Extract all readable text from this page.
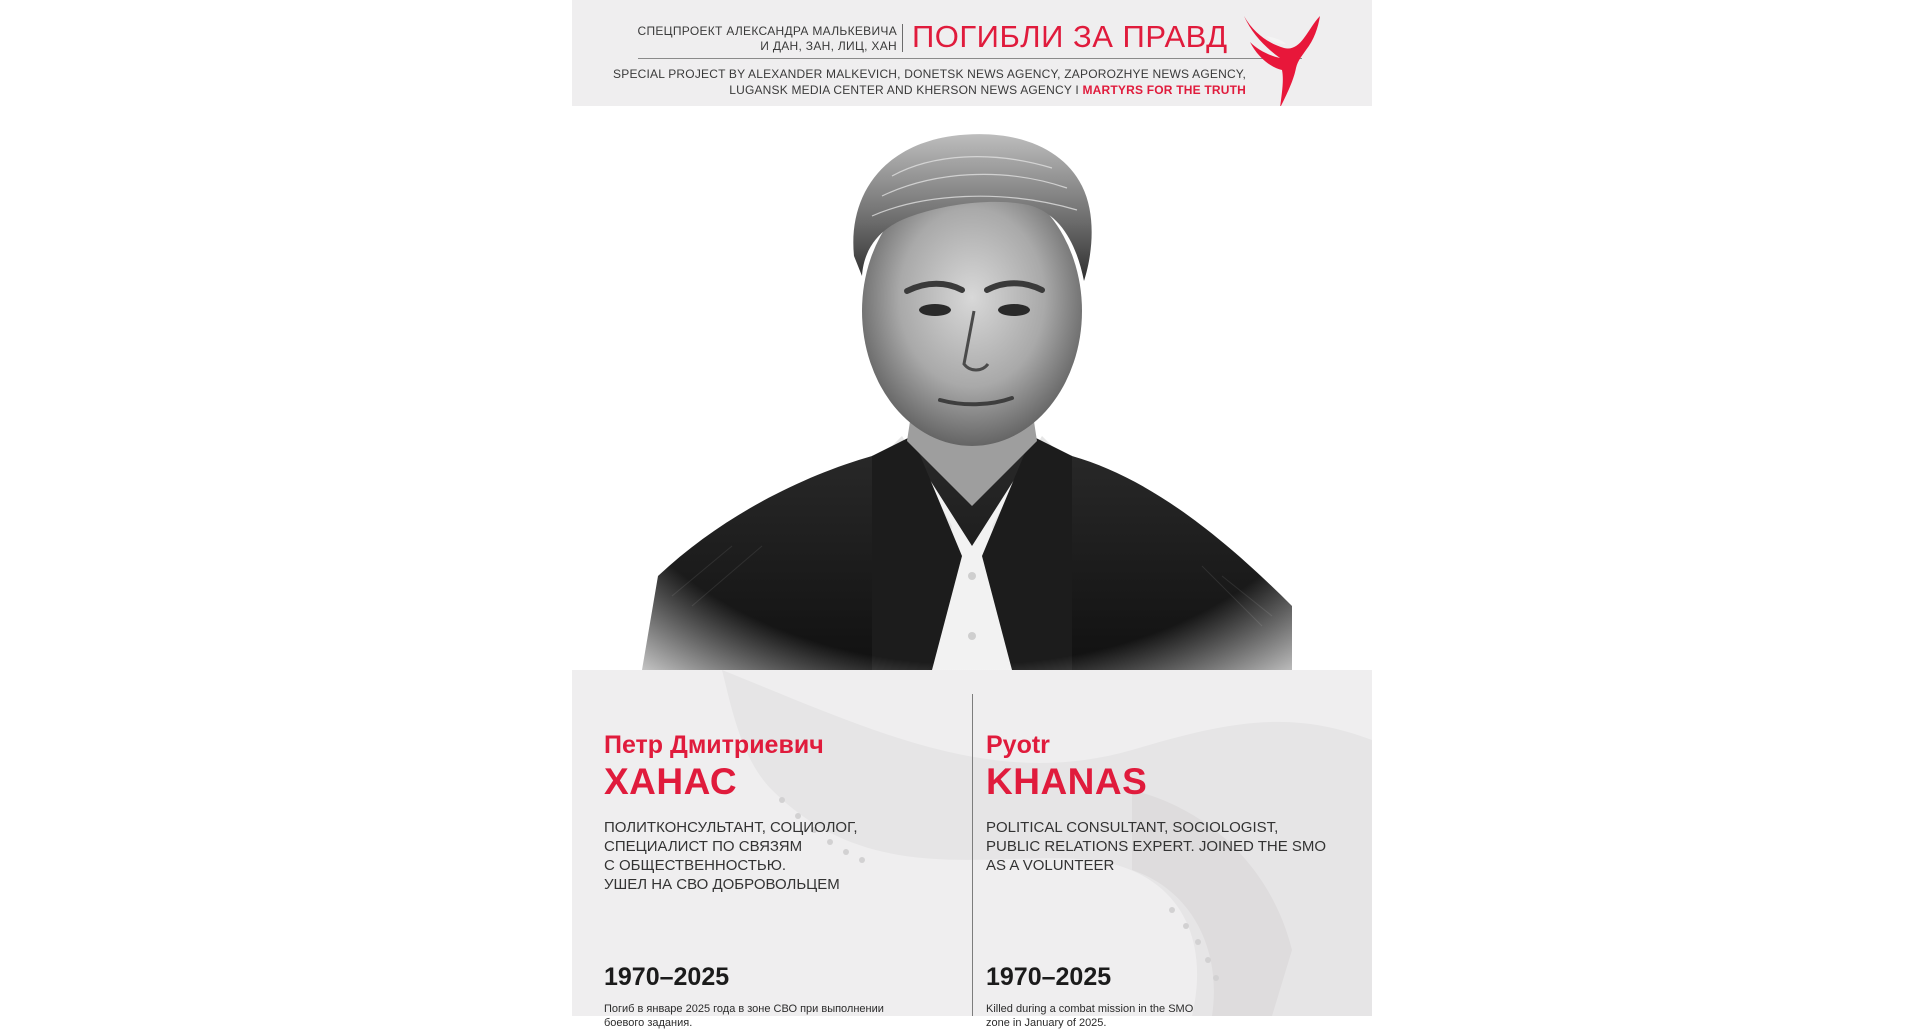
СПЕЦПРОЕКТ АЛЕКСАНДРА МАЛЬКЕВИЧА
И ДАН, ЗАН, ЛИЦ, ХАН ПОГИБЛИ ЗА ПРАВД
SPECIAL PROJECT BY ALEXANDER MALKEVICH, DONETSK NEWS AGENCY, ZAPOROZHYE NEWS AGENCY,
LUGANSK MEDIA CENTER AND KHERSON NEWS AGENCY I MARTYRS FOR THE TRUTH
Петр Дмитриевич
ХАНАС
ПОЛИТКОНСУЛЬТАНТ, СОЦИОЛОГ,
СПЕЦИАЛИСТ ПО СВЯЗЯМ
С ОБЩЕСТВЕННОСТЬЮ.
УШЕЛ НА СВО ДОБРОВОЛЬЦЕМ
1970–2025
Погиб в январе 2025 года в зоне СВО при выполнении
боевого задания.
Pyotr
KHANAS
POLITICAL CONSULTANT, SOCIOLOGIST,
PUBLIC RELATIONS EXPERT. JOINED THE SMO
AS A VOLUNTEER
1970–2025
Killed during a combat mission in the SMO
zone in January of 2025.
